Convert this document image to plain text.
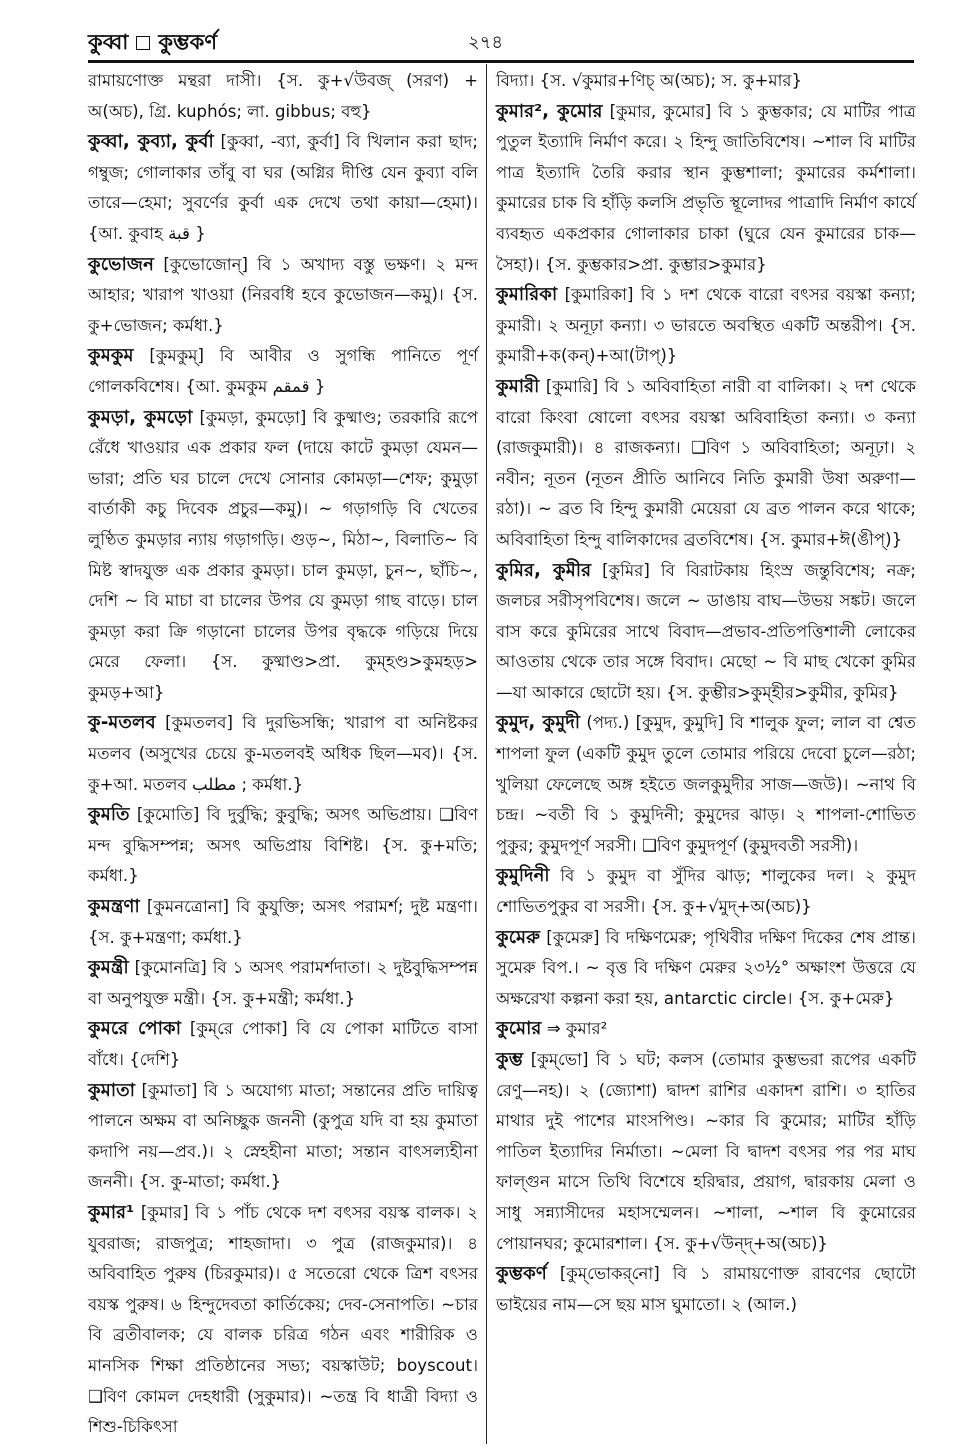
কুব্বা কুম্ভকর্ণ	২৭৪

রামায়ণোক্ত মন্থরা দাসী। {স. কু+√উবজ্ (সরণ) + অ(অচ), গ্রি. kuphós; লা. gibbus; বহু}

কুব্বা, কুব্যা, কুর্বা [কুব্বা, -ব্যা, কুর্বা] বি খিলান করা ছাদ; গম্বুজ; গোলাকার তাঁবু বা ঘর (অগ্নির দীপ্তি যেন কুব্যা বলি তারে—হেমা; সুবর্ণের কুর্বা এক দেখে তথা কায়া—হেমা)। {আ. কুবাহ قبة }

কুভোজন [কুভোজোন্] বি ১ অখাদ্য বস্তু ভক্ষণ। ২ মন্দ আহার; খারাপ খাওয়া (নিরবধি হবে কুভোজন—কমু)। {স. কু+ভোজন; কর্মধা.}

কুমকুম [কুমকুম্] বি আবীর ও সুগন্ধি পানিতে পূর্ণ গোলকবিশেষ। {আ. কুমকুম قمقم }

কুমড়া, কুমড়ো [কুমড়া, কুমড়ো] বি কুষ্মাণ্ড; তরকারি রূপে রেঁধে খাওয়ার এক প্রকার ফল (দায়ে কাটে কুমড়া যেমন—ভারা; প্রতি ঘর চালে দেখে সোনার কোমড়া—শেফ; কুমুড়া বার্তাকী কচু দিবেক প্রচুর—কমু)। ~ গড়াগড়ি বি খেতের লুণ্ঠিত কুমড়ার ন্যায় গড়াগড়ি। গুড়~, মিঠা~, বিলাতি~ বি মিষ্ট স্বাদযুক্ত এক প্রকার কুমড়া। চাল কুমড়া, চুন~, ছাঁচি~, দেশি ~ বি মাচা বা চালের উপর যে কুমড়া গাছ বাড়ে। চাল কুমড়া করা ক্রি গড়ানো চালের উপর বৃদ্ধকে গড়িয়ে দিয়ে মেরে ফেলা। {স. কুষ্মাণ্ড>প্রা. কুম্হণ্ড>কুমহড়> কুমড়+আ}

কু-মতলব [কুমতলব] বি দুরভিসন্ধি; খারাপ বা অনিষ্টকর মতলব (অসুখের চেয়ে কু-মতলবই অধিক ছিল—মব)। {স. কু+আ. মতলব مطلب ; কর্মধা.}

কুমতি [কুমোতি] বি দুর্বুদ্ধি; কুবুদ্ধি; অসৎ অভিপ্রায়। ❑বিণ মন্দ বুদ্ধিসম্পন্ন; অসৎ অভিপ্রায় বিশিষ্ট। {স. কু+মতি; কর্মধা.}

কুমন্ত্রণা [কুমনত্রোনা] বি কুযুক্তি; অসৎ পরামর্শ; দুষ্ট মন্ত্রণা। {স. কু+মন্ত্রণা; কর্মধা.}

কুমন্ত্রী [কুমোনত্রি] বি ১ অসৎ পরামর্শদাতা। ২ দুষ্টবুদ্ধিসম্পন্ন বা অনুপযুক্ত মন্ত্রী। {স. কু+মন্ত্রী; কর্মধা.}

কুমরে পোকা [কুম্‌রে পোকা] বি যে পোকা মাটিতে বাসা বাঁধে। {দেশি}

কুমাতা [কুমাতা] বি ১ অযোগ্য মাতা; সন্তানের প্রতি দায়িত্ব পালনে অক্ষম বা অনিচ্ছুক জননী (কুপুত্র যদি বা হয় কুমাতা কদাপি নয়—প্রব.)। ২ স্নেহহীনা মাতা; সন্তান বাৎসল্যহীনা জননী। {স. কু-মাতা; কর্মধা.}

কুমার¹ [কুমার] বি ১ পাঁচ থেকে দশ বৎসর বয়স্ক বালক। ২ যুবরাজ; রাজপুত্র; শাহজাদা। ৩ পুত্র (রাজকুমার)। ৪ অবিবাহিত পুরুষ (চিরকুমার)। ৫ সতেরো থেকে ত্রিশ বৎসর বয়স্ক পুরুষ। ৬ হিন্দুদেবতা কার্তিকেয়; দেব-সেনাপতি। ~চার বি ব্রতীবালক; যে বালক চরিত্র গঠন এবং শারীরিক ও মানসিক শিক্ষা প্রতিষ্ঠানের সভ্য; বয়স্কাউট; boyscout। ❑বিণ কোমল দেহধারী (সুকুমার)। ~তন্ত্র বি ধাত্রী বিদ্যা ও শিশু-চিকিৎসা

বিদ্যা। {স. √কুমার+ণিচ্ অ(অচ); স. কু+মার}

কুমার², কুমোর [কুমার, কুমোর] বি ১ কুম্ভকার; যে মাটির পাত্র পুতুল ইত্যাদি নির্মাণ করে। ২ হিন্দু জাতিবিশেষ। ~শাল বি মাটির পাত্র ইত্যাদি তৈরি করার স্থান কুম্ভশালা; কুমারের কর্মশালা। কুমারের চাক বি হাঁড়ি কলসি প্রভৃতি স্থূলোদর পাত্রাদি নির্মাণ কার্যে ব্যবহৃত একপ্রকার গোলাকার চাকা (ঘুরে যেন কুমারের চাক—সৈহা)। {স. কুম্ভকার>প্রা. কুম্ভার>কুমার}

কুমারিকা [কুমারিকা] বি ১ দশ থেকে বারো বৎসর বয়স্কা কন্যা; কুমারী। ২ অনূঢ়া কন্যা। ৩ ভারতে অবস্থিত একটি অন্তরীপ। {স. কুমারী+ক(কন্)+আ(টাপ্)}

কুমারী [কুমারি] বি ১ অবিবাহিতা নারী বা বালিকা। ২ দশ থেকে বারো কিংবা ষোলো বৎসর বয়স্কা অবিবাহিতা কন্যা। ৩ কন্যা (রাজকুমারী)। ৪ রাজকন্যা। ❑বিণ ১ অবিবাহিতা; অনূঢ়া। ২ নবীন; নূতন (নূতন প্রীতি আনিবে নিতি কুমারী উষা অরুণা—রঠা)। ~ ব্রত বি হিন্দু কুমারী মেয়েরা যে ব্রত পালন করে থাকে; অবিবাহিতা হিন্দু বালিকাদের ব্রতবিশেষ। {স. কুমার+ঈ(ঙীপ্)}

কুমির, কুমীর [কুমির] বি বিরাটকায় হিংস্র জন্তুবিশেষ; নক্র; জলচর সরীসৃপবিশেষ। জলে ~ ডাঙায় বাঘ—উভয় সঙ্কট। জলে বাস করে কুমিরের সাথে বিবাদ—প্রভাব-প্রতিপত্তিশালী লোকের আওতায় থেকে তার সঙ্গে বিবাদ। মেছো ~ বি মাছ খেকো কুমির—যা আকারে ছোটো হয়। {স. কুম্ভীর>কুম্‌হীর>কুমীর, কুমির}

কুমুদ, কুমুদী (পদ্য.) [কুমুদ, কুমুদি] বি শালুক ফুল; লাল বা শ্বেত শাপলা ফুল (একটি কুমুদ তুলে তোমার পরিয়ে দেবো চুলে—রঠা; খুলিয়া ফেলেছে অঙ্গ হইতে জলকুমুদীর সাজ—জউ)। ~নাথ বি চন্দ্র। ~বতী বি ১ কুমুদিনী; কুমুদের ঝাড়। ২ শাপলা-শোভিত পুকুর; কুমুদপূর্ণ সরসী। ❑বিণ কুমুদপূর্ণ (কুমুদবতী সরসী)।

কুমুদিনী বি ১ কুমুদ বা সুঁদির ঝাড়; শালুকের দল। ২ কুমুদ শোভিতপুকুর বা সরসী। {স. কু+√মুদ্+অ(অচ)}

কুমেরু [কুমেরু] বি দক্ষিণমেরু; পৃথিবীর দক্ষিণ দিকের শেষ প্রান্ত। সুমেরু বিপ.। ~ বৃত্ত বি দক্ষিণ মেরুর ২৩½° অক্ষাংশ উত্তরে যে অক্ষরেখা কল্পনা করা হয়, antarctic circle। {স. কু+মেরু}

কুমোর ⇒ কুমার²

কুম্ভ [কুম্‌ভো] বি ১ ঘট; কলস (তোমার কুম্ভভরা রূপের একটি রেণু—নহ)। ২ (জ্যোশা) দ্বাদশ রাশির একাদশ রাশি। ৩ হাতির মাথার দুই পাশের মাংসপিণ্ড। ~কার বি কুমোর; মাটির হাঁড়ি পাতিল ইত্যাদির নির্মাতা। ~মেলা বি দ্বাদশ বৎসর পর পর মাঘ ফাল্গুন মাসে তিথি বিশেষে হরিদ্বার, প্রয়াগ, দ্বারকায় মেলা ও সাধু সন্ন্যাসীদের মহাসম্মেলন। ~শালা, ~শাল বি কুমোরের পোয়ানঘর; কুমোরশাল। {স. কু+√উন্দ্+অ(অচ)}

কুম্ভকর্ণ [কুম্‌ভোকর্‌নো] বি ১ রামায়ণোক্ত রাবণের ছোটো ভাইয়ের নাম—সে ছয় মাস ঘুমাতো। ২ (আল.)
